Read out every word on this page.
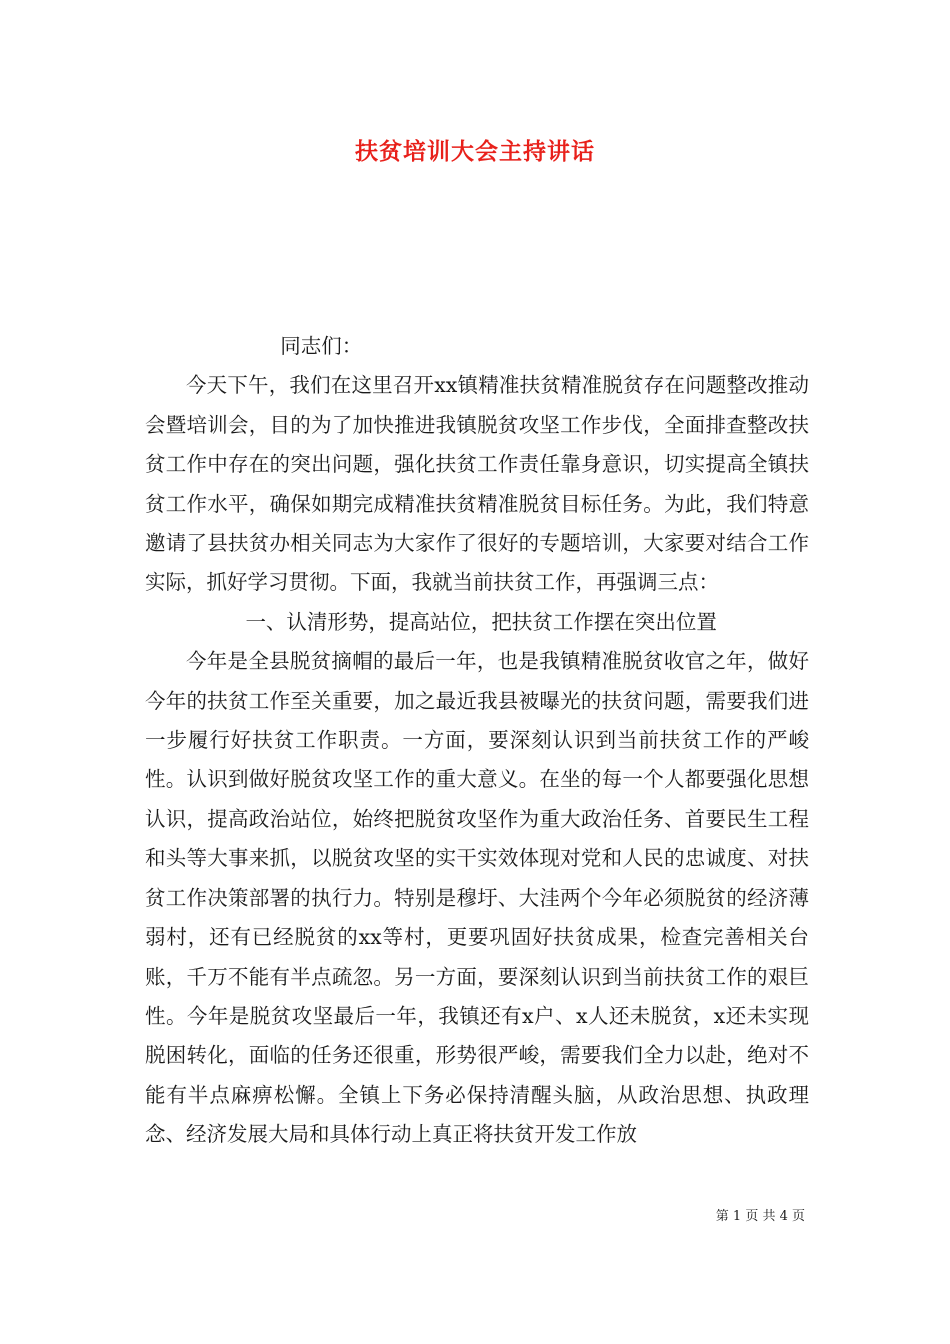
扶贫培训大会主持讲话

同志们：

今天下午，我们在这里召开xx镇精准扶贫精准脱贫存在问题整改推动会暨培训会，目的为了加快推进我镇脱贫攻坚工作步伐，全面排查整改扶贫工作中存在的突出问题，强化扶贫工作责任靠身意识，切实提高全镇扶贫工作水平，确保如期完成精准扶贫精准脱贫目标任务。为此，我们特意邀请了县扶贫办相关同志为大家作了很好的专题培训，大家要对结合工作实际，抓好学习贯彻。下面，我就当前扶贫工作，再强调三点：

一、认清形势，提高站位，把扶贫工作摆在突出位置

今年是全县脱贫摘帽的最后一年，也是我镇精准脱贫收官之年，做好今年的扶贫工作至关重要，加之最近我县被曝光的扶贫问题，需要我们进一步履行好扶贫工作职责。一方面，要深刻认识到当前扶贫工作的严峻性。认识到做好脱贫攻坚工作的重大意义。在坐的每一个人都要强化思想认识，提高政治站位，始终把脱贫攻坚作为重大政治任务、首要民生工程和头等大事来抓，以脱贫攻坚的实干实效体现对党和人民的忠诚度、对扶贫工作决策部署的执行力。特别是穆圩、大洼两个今年必须脱贫的经济薄弱村，还有已经脱贫的xx等村，更要巩固好扶贫成果，检查完善相关台账，千万不能有半点疏忽。另一方面，要深刻认识到当前扶贫工作的艰巨性。今年是脱贫攻坚最后一年，我镇还有x户、x人还未脱贫，x还未实现脱困转化，面临的任务还很重，形势很严峻，需要我们全力以赴，绝对不能有半点麻痹松懈。全镇上下务必保持清醒头脑，从政治思想、执政理念、经济发展大局和具体行动上真正将扶贫开发工作放

第 1 页 共 4 页
